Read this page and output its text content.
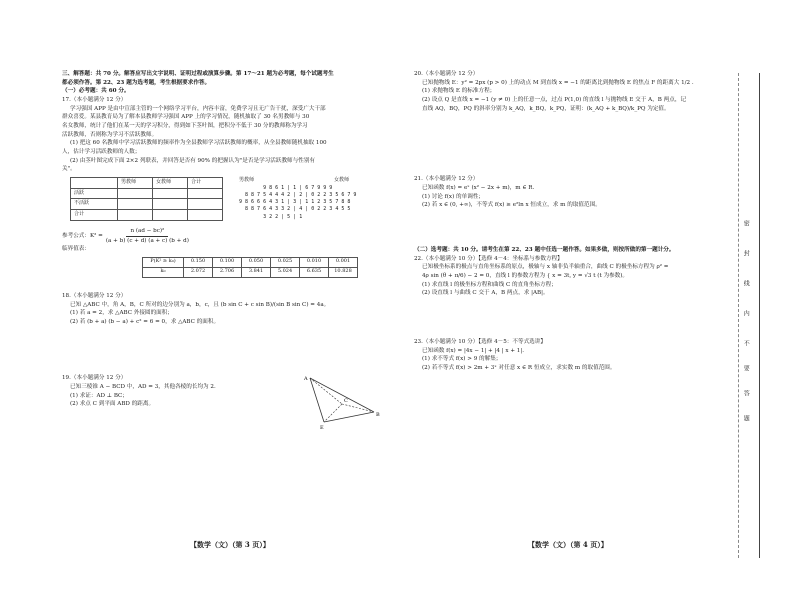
三、解答题：共 70 分。解答应写出文字说明、证明过程或演算步骤。第 17～21 题为必考题，每个试题考生

都必须作答。第 22、23 题为选考题，考生根据要求作答。

（一）必考题：共 60 分。

17.（本小题满分 12 分）

学习强国 APP 是由中宣部主管的一个网络学习平台，内容丰富，免费学习且无广告干扰，深受广大干部

群众喜爱。某县教育局为了解本县教师学习强国 APP 上的学习情况，随机抽取了 30 名男教师与 30

名女教师，统计了他们在某一天的学习积分，得到如下茎叶图，把积分不低于 30 分的教师称为学习

活跃教师，否则称为学习不活跃教师。

(1) 把这 60 名教师中学习活跃教师的频率作为全县教师学习活跃教师的概率，从全县教师随机抽取 100

人，估计学习活跃教师的人数；

(2) 由茎叶图完成下面 2×2 列联表，并回答是否有 90% 的把握认为"是否是学习活跃教师与性别有

关"。

	男教师	女教师	合计
活跃			
不活跃			
合计			
男教师	女教师
9 8 6 1 | 1 | 6 7 9 9 9
8 8 7 5 4 4 4 2 | 2 | 0 2 2 3 5 6 7 9
9 8 6 6 6 4 3 1 | 3 | 1 1 2 3 5 7 8 8
8 8 7 6 4 3 3 2 | 4 | 0 2 2 3 4 5 5
3 2 2 | 5 | 1
参考公式：$K^2 = \frac{\text{n (ad − bc)²}}{(a + b) (c + d) (a + c) (b + d)}$

临界值表：

P(K² ≥ k₀)	0.150	0.100	0.050	0.025	0.010	0.001
k₀	2.072	2.706	3.841	5.024	6.635	10.828

18.（本小题满分 12 分）

已知 △ABC 中，角 A，B，C 所对的边分别为 a，b，c，且 (b sin C + c sin B)/(sin B sin C) = 4a。

(1) 若 a = 2，求 △ABC 外接圆的面积；

(2) 若 (b + a) (b − a) + c² = 6 = 0，求 △ABC 的面积。

19.（本小题满分 12 分）

已知三棱锥 A − BCD 中，AD = 3，其他各棱的长均为 2.

(1) 求证：AD ⊥ BC；

(2) 求点 C 到平面 ABD 的距离。

A
B
C
E
【数学（文）（第 3 页）】

20.（本小题满分 12 分）

已知抛物线 E：y² = 2px (p > 0) 上的动点 M 到直线 x = −1 的距离比到抛物线 E 的焦点 F 的距离大 1/2 .

(1) 求抛物线 E 的标准方程；

(2) 设点 Q 是直线 x = −1 (y ≠ 0) 上的任意一点，过点 P(1,0) 的直线 l 与抛物线 E 交于 A，B 两点，记

直线 AQ，BQ，PQ 的斜率分别为 k_AQ，k_BQ，k_PQ，证明：(k_AQ + k_BQ)/k_PQ 为定值。

21.（本小题满分 12 分）

已知函数 f(x) = eˣ (x² − 2x + m)，m ∈ R.

(1) 讨论 f(x) 的单调性；

(2) 若 x ∈ (0, +∞)，不等式 f(x) ≥ e²ln x 恒成立，求 m 的取值范围。

（二）选考题：共 10 分。请考生在第 22、23 题中任选一题作答。如果多做，则按所做的第一题计分。

22.（本小题满分 10 分）【选修 4－4：坐标系与参数方程】

已知极坐标系的极点与直角坐标系的原点，极轴与 x 轴非负半轴重合，曲线 C 的极坐标方程为 ρ² =

4ρ sin (θ + π/6) − 2 = 0，直线 l 的参数方程为 { x = 3t, y = √3 t (t 为参数)。

(1) 求直线 l 的极坐标方程和曲线 C 的直角坐标方程；

(2) 设直线 l 与曲线 C 交于 A，B 两点，求 |AB|。

23.（本小题满分 10 分）【选修 4－5：不等式选讲】

已知函数 f(x) = |4x − 1| + |4 | x + 1|.

(1) 求不等式 f(x) > 9 的解集；

(2) 若不等式 f(x) > 2m + 3ˣ 对任意 x ∈ R 恒成立，求实数 m 的取值范围。

【数学（文）（第 4 页）】
密
封
线
内
不
要
答
题
